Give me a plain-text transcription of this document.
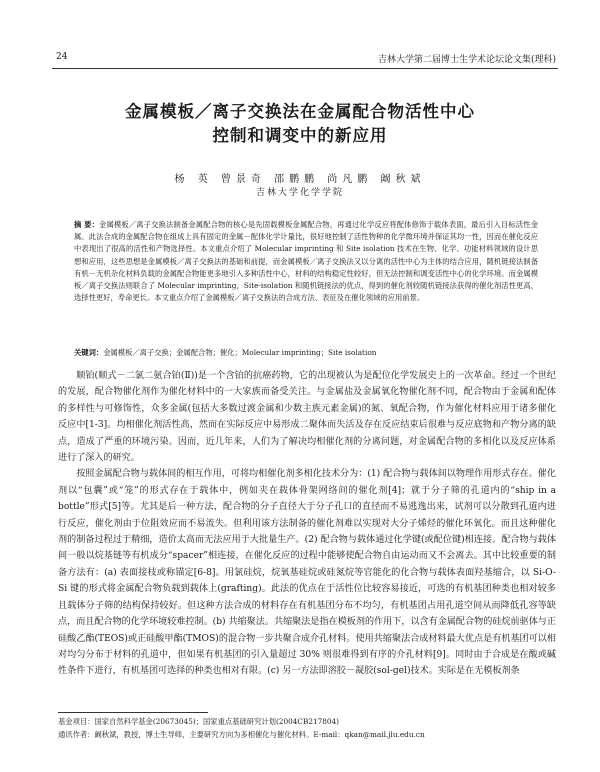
24	吉林大学第二届博士生学术论坛论文集(理科)
金属模板／离子交换法在金属配合物活性中心
控制和调变中的新应用
杨 英 曾景奇 邵鹏鹏 尚凡鹏 阚秋斌
吉林大学化学学院
摘 要：金属模板／离子交换法制备金属配合物的核心是先固载模板金属配合物，再通过化学反应将配体修饰于载体表面，最后引入目标活性金属。此法合成的金属配合物在组成上具有固定的金属－配体化学计量比，很好地控制了活性物种的化学微环境并保证其均一性，因而在催化反应中表现出了很高的活性和产物选择性。本文重点介绍了 Molecular imprinting 和 Site isolation 技术在生物、化学、功能材料领域的设计思想和应用，这些思想是金属模板／离子交换法的基础和前提，而金属模板／离子交换法又以分离的活性中心为主体的结合应用，随机链接法制备有机－无机杂化材料负载的金属配合物能更多地引入多种活性中心，材料的结构稳定性较好，但无法控制和调变活性中心的化学环境。而金属模板／离子交换法则联合了 Molecular imprinting，Site-isolation 和随机链接法的优点，得到的催化剂较随机链接法获得的催化剂活性更高，选择性更好，寿命更长。本文重点介绍了金属模板／离子交换法的合成方法、表征及在催化领域的应用前景。
关键词：金属模板／离子交换；金属配合物；催化；Molecular imprinting；Site isolation

顺铂(顺式－二氯二氨合铂(Ⅱ))是一个含铂的抗癌药物，它的出现被认为是配位化学发展史上的一次革命。经过一个世纪的发展，配合物催化剂作为催化材料中的一大家族而备受关注。与金属盐及金属氧化物催化剂不同，配合物由于金属和配体的多样性与可修饰性，众多金属(包括大多数过渡金属和少数主族元素金属)的氮、氧配合物，作为催化材料应用于诸多催化反应中[1-3]。均相催化剂活性高，然而在实际反应中易形成二聚体而失活及存在反应结束后很难与反应底物和产物分离的缺点，造成了严重的环境污染。因而，近几年来，人们为了解决均相催化剂的分离问题，对金属配合物的多相化以及反应体系进行了深入的研究。

按照金属配合物与载体间的相互作用，可将均相催化剂多相化技术分为：(1) 配合物与载体间以物理作用形式存在。催化剂以“包囊”或“笼”的形式存在于载体中，例如夹在载体骨架网络间的催化剂[4]；就于分子筛的孔道内的“ship in a bottle”形式[5]等。尤其是后一种方法，配合物的分子直径大于分子孔口的直径而不易逃逸出来，试剂可以分散到孔道内进行反应，催化剂由于位阻效应而不易流失。但利用该方法制备的催化剂难以实现对大分子烯烃的催化环氧化。而且这种催化剂的制备过程过于精细，造价太高而无法应用于大批量生产。(2) 配合物与载体通过化学键(或配位键)相连接。配合物与载体间一般以烷基链等有机成分“spacer”相连接，在催化反应的过程中能够使配合物自由运动而又不会离去。其中比较重要的制备方法有：(a) 表面接枝或称锚定[6-8]。用氯硅烷，烷氧基硅烷或硅氮烷等官能化的化合物与载体表面羟基缩合，以 Si-O-Si 键的形式将金属配合物负载到载体上(grafting)。此法的优点在于活性位比较容易接近，可选的有机基团种类也相对较多且载体分子筛的结构保持较好。但这种方法合成的材料存在有机基团分布不均匀，有机基团占用孔道空间从而降低孔容等缺点，而且配合物的化学环境较难控制。(b) 共缩聚法。共缩聚法是指在模板剂的作用下，以含有金属配合物的硅烷前驱体与正硅酸乙酯(TEOS)或正硅酸甲酯(TMOS)的混合物一步共聚合成介孔材料。使用共缩聚法合成材料最大优点是有机基团可以相对均匀分布于材料的孔道中，但如果有机基团的引入量超过 30% 则很难得到有序的介孔材料[9]。同时由于合成是在酸或碱性条件下进行，有机基团可选择的种类也相对有限。(c) 另一方法即溶胶－凝胶(sol-gel)技术。实际是在无模板剂条

基金项目：国家自然科学基金(20673045)；国家重点基础研究计划(2004CB217804)
通讯作者：阚秋斌，教授，博士生导师，主要研究方向为多相催化与催化材料。E-mail：qkan@mail.jlu.edu.cn
